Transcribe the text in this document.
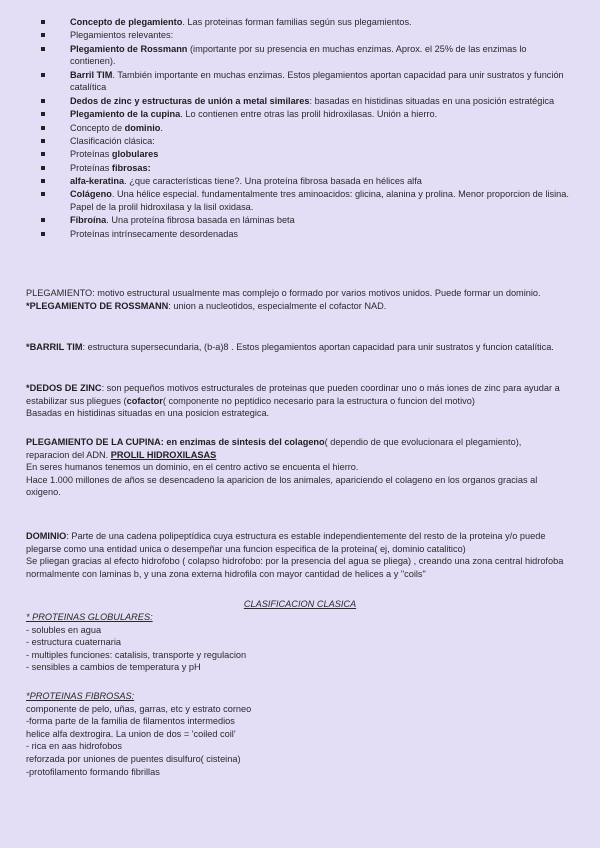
Concepto de plegamiento. Las proteinas forman familias según sus plegamientos.
Plegamientos relevantes:
Plegamiento de Rossmann (importante por su presencia en muchas enzimas. Aprox. el 25% de las enzimas lo contienen).
Barril TIM. También importante en muchas enzimas. Estos plegamientos aportan capacidad para unir sustratos y función catalítica
Dedos de zinc y estructuras de unión a metal similares: basadas en histidinas situadas en una posición estratégica
Plegamiento de la cupina. Lo contienen entre otras las prolil hidroxilasas. Unión a hierro.
Concepto de dominio.
Clasificación clásica:
Proteínas globulares
Proteínas fibrosas:
alfa-keratina. ¿que características tiene?. Una proteína fibrosa basada en hélices alfa
Colágeno. Una hélice especial. fundamentalmente tres aminoacidos: glicina, alanina y prolina. Menor proporcion de lisina. Papel de la prolil hidroxilasa y la lisil oxidasa.
Fibroína. Una proteína fibrosa basada en láminas beta
Proteínas intrínsecamente desordenadas

PLEGAMIENTO: motivo estructural usualmente mas complejo o formado por varios motivos unidos. Puede formar un dominio.

*PLEGAMIENTO DE ROSSMANN: union a nucleotidos, especialmente el cofactor NAD.

*BARRIL TIM: estructura supersecundaria, (b-a)8 . Estos plegamientos aportan capacidad para unir sustratos y funcion catalítica.

*DEDOS DE ZINC: son pequeños motivos estructurales de proteinas que pueden coordinar uno o más iones de zinc para ayudar a estabilizar sus pliegues (cofactor( componente no peptidico necesario para la estructura o funcion del motivo)

Basadas en histidinas situadas en una posicion estrategica.

PLEGAMIENTO DE LA CUPINA: en enzimas de sintesis del colageno( dependio de que evolucionara el plegamiento),

reparacion del ADN. PROLIL HIDROXILASAS

En seres humanos tenemos un dominio, en el centro activo se encuenta el hierro.

Hace 1.000 millones de años se desencadeno la aparicion de los animales, apariciendo el colageno en los organos gracias al oxigeno.

DOMINIO: Parte de una cadena polipeptídica cuya estructura es estable independientemente del resto de la proteina y/o puede plegarse como una entidad unica o desempeñar una funcion especifica de la proteina( ej, dominio catalitico)

Se pliegan gracias al efecto hidrofobo ( colapso hidrofobo: por la presencia del agua se pliega) , creando una zona central hidrofoba normalmente con laminas b, y una zona externa hidrofila con mayor cantidad de helices a y "coils"

CLASIFICACION CLASICA

* PROTEINAS GLOBULARES:

- solubles en agua

- estructura cuaternaria

- multiples funciones: catalisis, transporte y regulacion

- sensibles a cambios de temperatura y pH

*PROTEINAS FIBROSAS:

componente de pelo, uñas, garras, etc y estrato corneo

-forma parte de la familia de filamentos intermedios

helice alfa dextrogira. La union de dos = 'coiled coil'

- rica en aas hidrofobos

reforzada por uniones de puentes disulfuro( cisteina)

-protofilamento formando fibrillas
